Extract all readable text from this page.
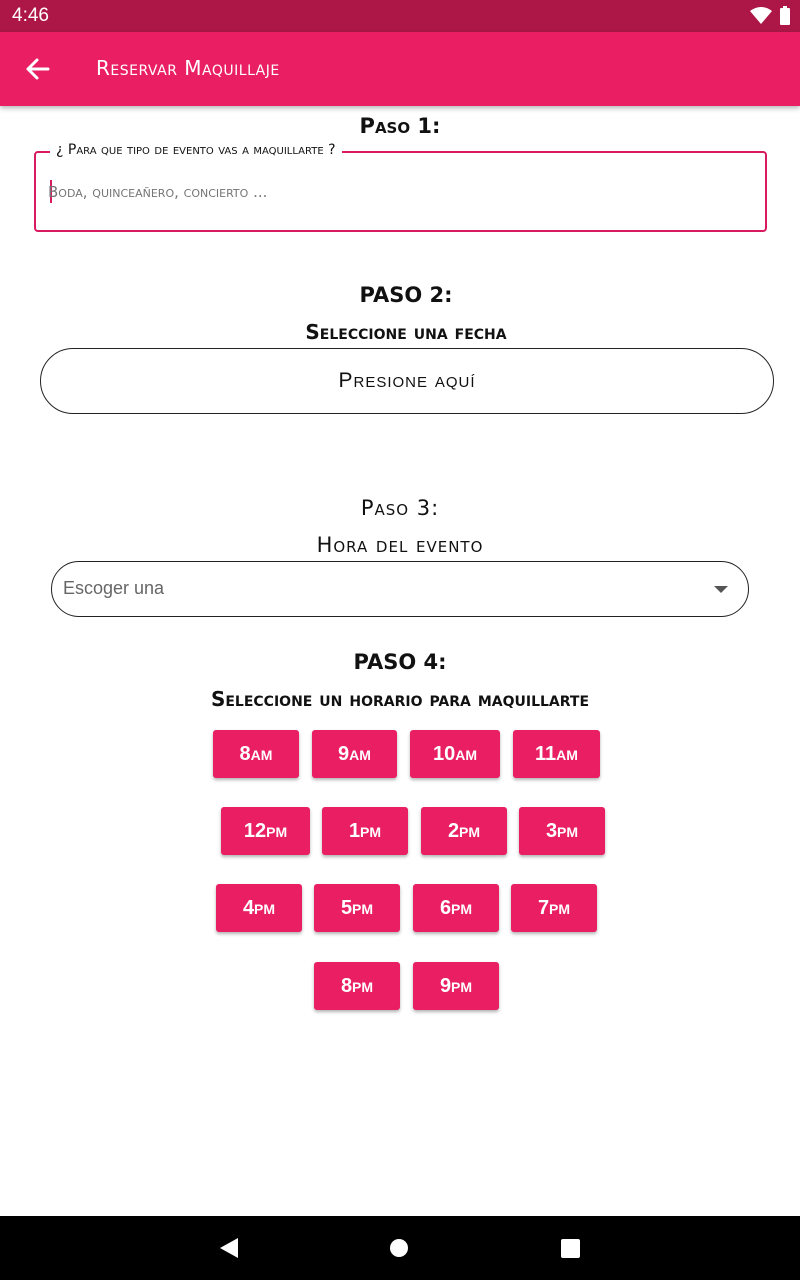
4:46
Reservar Maquillaje
Paso 1:
¿ Para que tipo de evento vas a maquillarte ?
Boda, quinceañero, concierto ...
PASO 2:
Seleccione una fecha
Presione aquí
Paso 3:
Hora del evento
Escoger una
PASO 4:
Seleccione un horario para maquillarte
8am	9am	10am	11am
12pm	1pm	2pm	3pm
4pm	5pm	6pm	7pm
8pm	9pm
